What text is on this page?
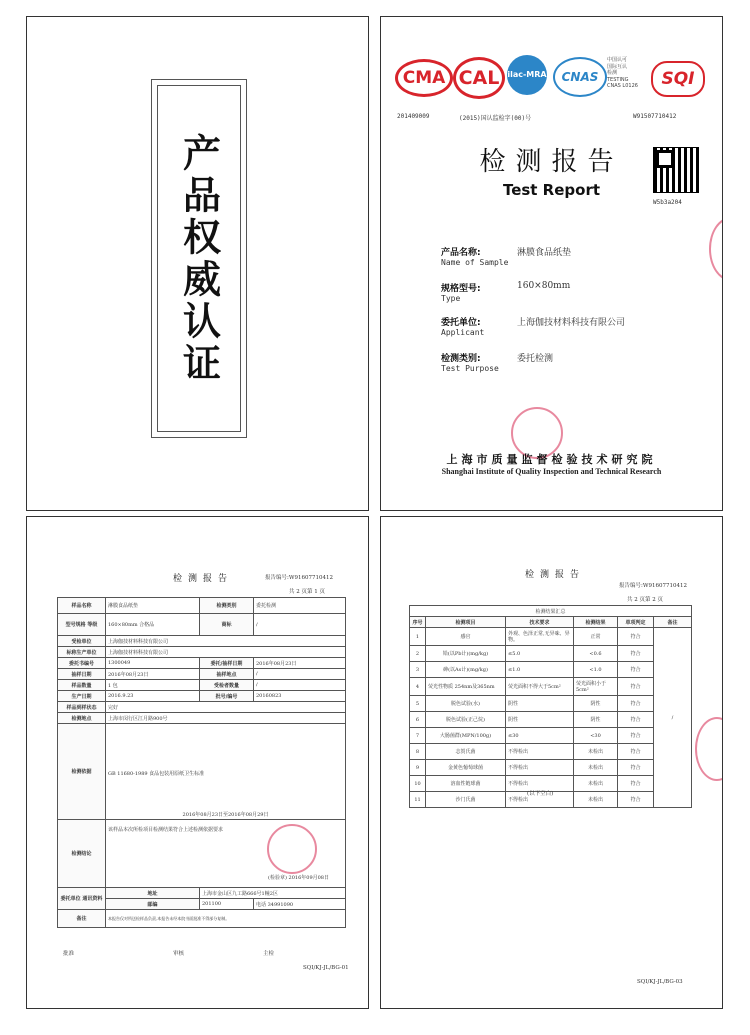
产品权威认证
CMA CAL ilac-MRA	CNAS
中国认可
国际互认
检测
TESTING
CNAS L0126	SQI
201409009	(2015)国认监检字(00)号	W91507710412
检测报告
Test Report
W5b3a204
产品名称:
Name of Sample
淋膜食品纸垫
规格型号:
Type
160×80mm
委托单位:
Applicant
上海伽技材料科技有限公司
检测类别:
Test Purpose
委托检测
上海市质量监督检验技术研究院
Shanghai Institute of Quality Inspection and Technical Research
检测报告	报告编号:W91607710412
共 2 页第 1 页
样品名称	淋膜食品纸垫	检测类别	委托检测
型号规格 等级	160×80mm 合格品	商标	/
受检单位	上海伽技材料科技有限公司		
标称生产单位	上海伽技材料科技有限公司		
委托书编号	1300049	委托/抽样日期	2016年08月23日
抽样日期	2016年08月23日	抽样地点	/
样品数量	1 包	受检者数量	/
生产日期	2016.9.23	批号/编号	20160823
样品到样状态	完好		
检测地点	上海市闵行区江月路900号		
检测依据	GB 11680-1989 食品包装用原纸卫生标准
2016年08月23日至2016年08月29日		

检测结论	该样品本次所检项目检测结果符合上述检测依据要求
(检验章) 2016年09月08日		

委托单位 通讯资料	地址	上海市金山区九工路666号1幢2区	
	邮编	201100	电话 34991090
备注	本报告仅对所送检样品负责,本报告未经本院书面批准不得部分复制。		
批准	审核	主检
SQI/KJ-JL/BG-01
检测报告
报告编号:W91607710412
共 2 页第 2 页
检测结果汇总					
序号	检测项目	技术要求	检测结果	单项判定	备注
1	感官	外观、色泽正常,无异味、异物。	正常	符合	/
2	铅(以Pb计)(mg/kg)	≤5.0	<0.6	符合	
3	砷(以As计)(mg/kg)	≤1.0	<1.0	符合	
4	荧光性物质 254nm及365nm	荧光面积不得大于5cm²	荧光面积小于5cm²	符合	
5	脱色试验(水)	阴性	阴性	符合	
6	脱色试验(正己烷)	阴性	阴性	符合	
7	大肠菌群(MPN/100g)	≤30	<30	符合	
8	志贺氏菌	不得检出	未检出	符合	
9	金黄色葡萄球菌	不得检出	未检出	符合	
10	溶血性链球菌	不得检出	未检出	符合	
11	沙门氏菌	不得检出	未检出	符合	
(以下空白)
SQI/KJ-JL/BG-03
